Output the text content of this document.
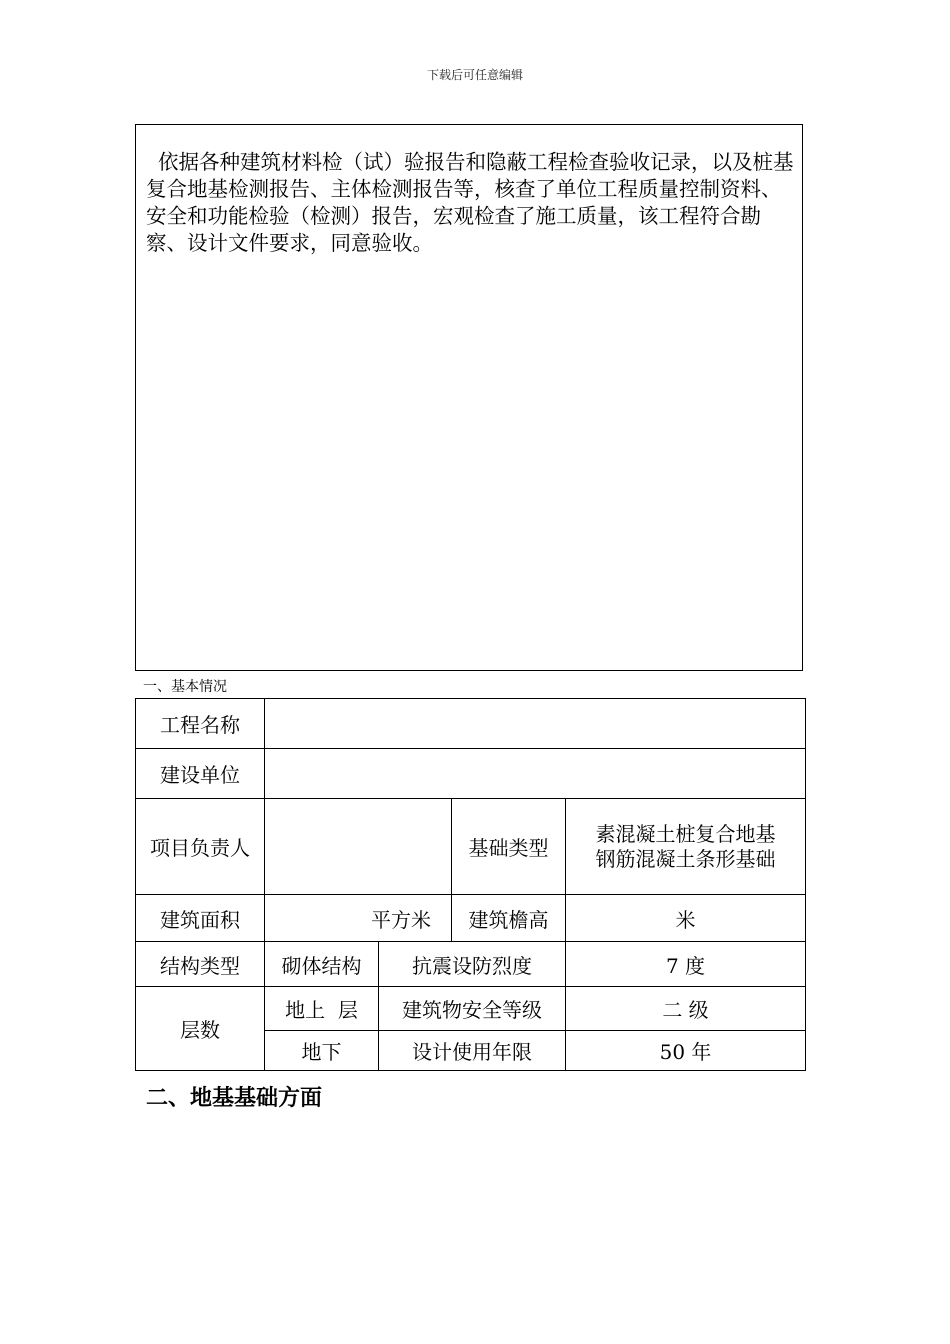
下载后可任意编辑
依据各种建筑材料检（试）验报告和隐蔽工程检查验收记录，以及桩基复合地基检测报告、主体检测报告等，核查了单位工程质量控制资料、安全和功能检验（检测）报告，宏观检查了施工质量，该工程符合勘察、设计文件要求，同意验收。
一、基本情况
工程名称				
建设单位				
项目负责人			基础类型	素混凝土桩复合地基
钢筋混凝土条形基础

建筑面积	平方米		建筑檐高	米
结构类型	砌体结构	抗震设防烈度		7 度
层数	地上  层	建筑物安全等级		二 级
	地下	设计使用年限		50 年
二、地基基础方面
